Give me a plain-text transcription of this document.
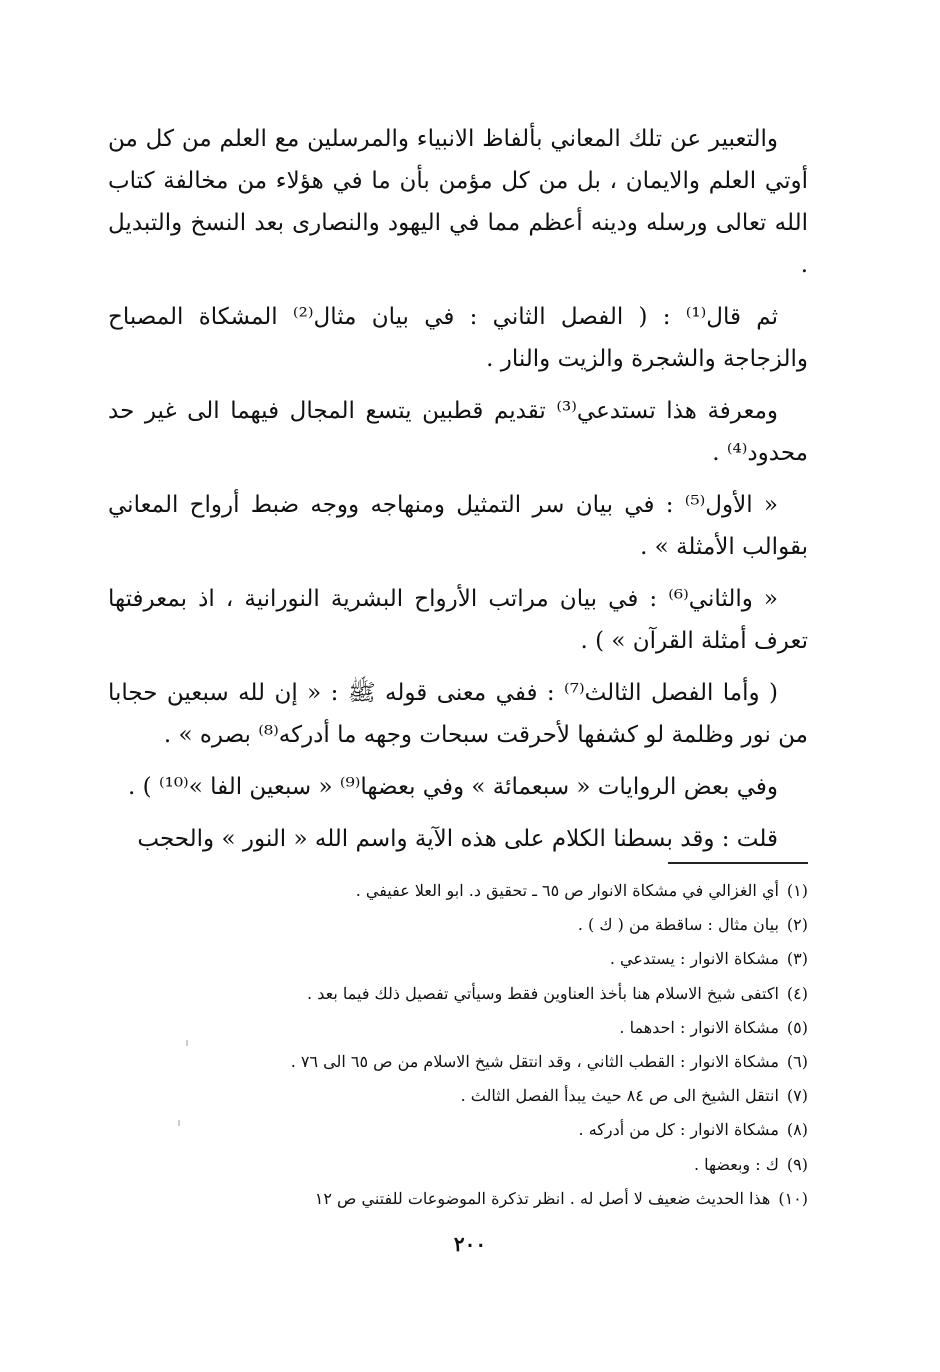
والتعبير عن تلك المعاني بألفاظ الانبياء والمرسلين مع العلم من كل من أوتي العلم والايمان ، بل من كل مؤمن بأن ما في هؤلاء من مخالفة كتاب الله تعالى ورسله ودينه أعظم مما في اليهود والنصارى بعد النسخ والتبديل .

ثم قال⁽¹⁾ : ( الفصل الثاني : في بيان مثال⁽²⁾ المشكاة المصباح والزجاجة والشجرة والزيت والنار .

ومعرفة هذا تستدعي⁽³⁾ تقديم قطبين يتسع المجال فيهما الى غير حد محدود⁽⁴⁾ .

« الأول⁽⁵⁾ : في بيان سر التمثيل ومنهاجه ووجه ضبط أرواح المعاني بقوالب الأمثلة » .

« والثاني⁽⁶⁾ : في بيان مراتب الأرواح البشرية النورانية ، اذ بمعرفتها تعرف أمثلة القرآن » ) .

( وأما الفصل الثالث⁽⁷⁾ : ففي معنى قوله ﷺ : « إن لله سبعين حجابا من نور وظلمة لو كشفها لأحرقت سبحات وجهه ما أدركه⁽⁸⁾ بصره » .

وفي بعض الروايات « سبعمائة » وفي بعضها⁽⁹⁾ « سبعين الفا »⁽¹⁰⁾ ) .

قلت : وقد بسطنا الكلام على هذه الآية واسم الله « النور » والحجب

(١)أي الغزالي في مشكاة الانوار ص ٦٥ ـ تحقيق د. ابو العلا عفيفي .

(٢)بيان مثال : ساقطة من ( ك ) .

(٣)مشكاة الانوار : يستدعي .

(٤)اكتفى شيخ الاسلام هنا بأخذ العناوين فقط وسيأتي تفصيل ذلك فيما بعد .

(٥)مشكاة الانوار : احدهما .

(٦)مشكاة الانوار : القطب الثاني ، وقد انتقل شيخ الاسلام من ص ٦٥ الى ٧٦ .

(٧)انتقل الشيخ الى ص ٨٤ حيث يبدأ الفصل الثالث .

(٨)مشكاة الانوار : كل من أدركه .

(٩)ك : وبعضها .

(١٠)هذا الحديث ضعيف لا أصل له . انظر تذكرة الموضوعات للفتني ص ١٢

٢٠٠
